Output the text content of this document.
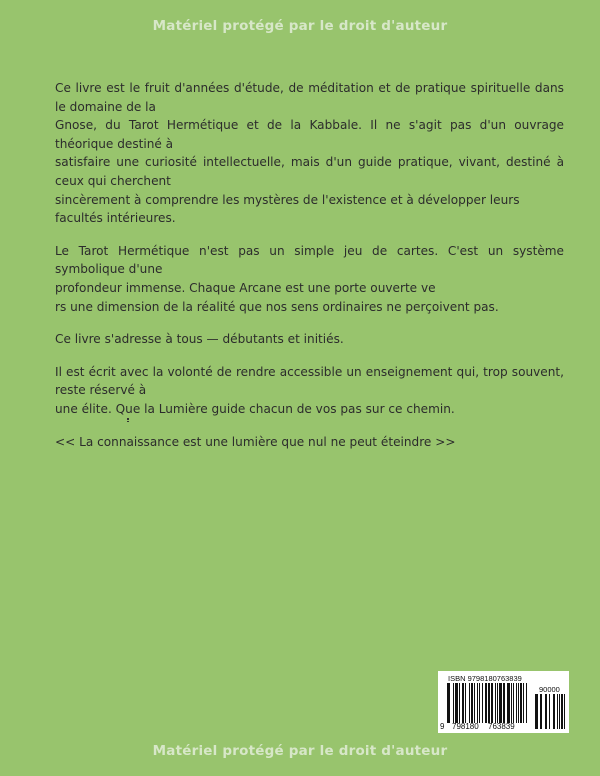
Matériel protégé par le droit d'auteur

Ce livre est le fruit d'années d'étude, de méditation et de pratique spirituelle dans le domaine de la
Gnose, du Tarot Hermétique et de la Kabbale. Il ne s'agit pas d'un ouvrage théorique destiné à
satisfaire une curiosité intellectuelle, mais d'un guide pratique, vivant, destiné à ceux qui cherchent
sincèrement à comprendre les mystères de l'existence et à développer leurs facultés intérieures.

Le Tarot Hermétique n'est pas un simple jeu de cartes. C'est un système symbolique d'une
profondeur immense. Chaque Arcane est une porte ouverte ve
rs une dimension de la réalité que nos sens ordinaires ne perçoivent pas.

Ce livre s'adresse à tous — débutants et initiés.

Il est écrit avec la volonté de rendre accessible un enseignement qui, trop souvent, reste réservé à
une élite. Que la Lumière guide chacun de vos pas sur ce chemin.

<< La connaissance est une lumière que nul ne peut éteindre >>

ISBN 9798180763839
90000
9 798180 763839
Matériel protégé par le droit d'auteur
